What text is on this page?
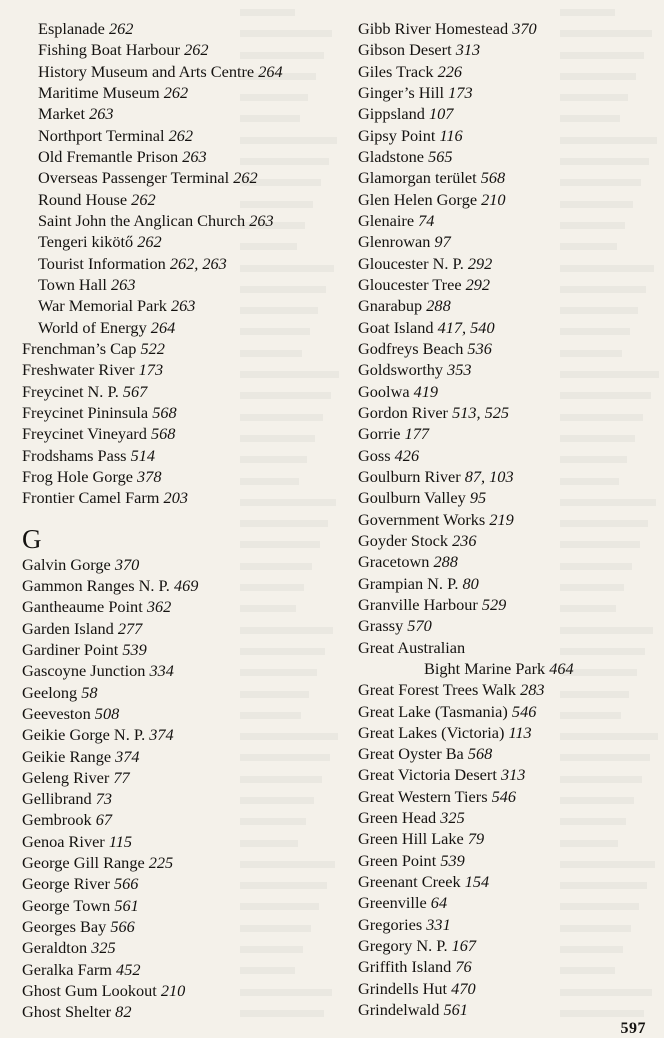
Esplanade 262
Fishing Boat Harbour 262
History Museum and Arts Centre 264
Maritime Museum 262
Market 263
Northport Terminal 262
Old Fremantle Prison 263
Overseas Passenger Terminal 262
Round House 262
Saint John the Anglican Church 263
Tengeri kikötő 262
Tourist Information 262, 263
Town Hall 263
War Memorial Park 263
World of Energy 264
Frenchman’s Cap 522
Freshwater River 173
Freycinet N. P. 567
Freycinet Pininsula 568
Freycinet Vineyard 568
Frodshams Pass 514
Frog Hole Gorge 378
Frontier Camel Farm 203
G
Galvin Gorge 370
Gammon Ranges N. P. 469
Gantheaume Point 362
Garden Island 277
Gardiner Point 539
Gascoyne Junction 334
Geelong 58
Geeveston 508
Geikie Gorge N. P. 374
Geikie Range 374
Geleng River 77
Gellibrand 73
Gembrook 67
Genoa River 115
George Gill Range 225
George River 566
George Town 561
Georges Bay 566
Geraldton 325
Geralka Farm 452
Ghost Gum Lookout 210
Ghost Shelter 82
Gibb River Homestead 370
Gibson Desert 313
Giles Track 226
Ginger’s Hill 173
Gippsland 107
Gipsy Point 116
Gladstone 565
Glamorgan terület 568
Glen Helen Gorge 210
Glenaire 74
Glenrowan 97
Gloucester N. P. 292
Gloucester Tree 292
Gnarabup 288
Goat Island 417, 540
Godfreys Beach 536
Goldsworthy 353
Goolwa 419
Gordon River 513, 525
Gorrie 177
Goss 426
Goulburn River 87, 103
Goulburn Valley 95
Government Works 219
Goyder Stock 236
Gracetown 288
Grampian N. P. 80
Granville Harbour 529
Grassy 570
Great Australian
Bight Marine Park 464
Great Forest Trees Walk 283
Great Lake (Tasmania) 546
Great Lakes (Victoria) 113
Great Oyster Ba 568
Great Victoria Desert 313
Great Western Tiers 546
Green Head 325
Green Hill Lake 79
Green Point 539
Greenant Creek 154
Greenville 64
Gregories 331
Gregory N. P. 167
Griffith Island 76
Grindells Hut 470
Grindelwald 561
597
